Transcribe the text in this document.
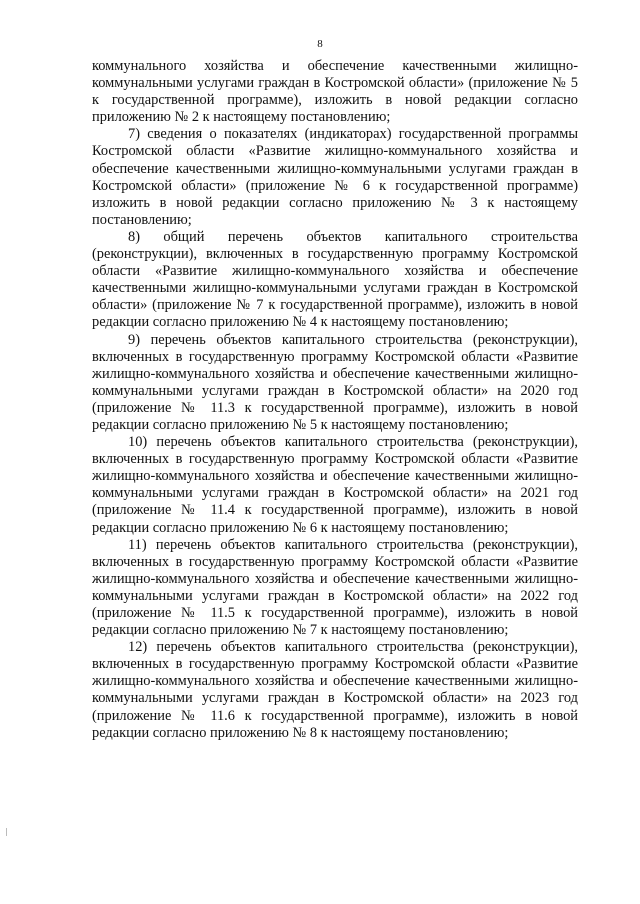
8

коммунального хозяйства и обеспечение качественными жилищно-коммунальными услугами граждан в Костромской области» (приложение № 5 к государственной программе), изложить в новой редакции согласно приложению № 2 к настоящему постановлению;

7) сведения о показателях (индикаторах) государственной программы Костромской области «Развитие жилищно-коммунального хозяйства и обеспечение качественными жилищно-коммунальными услугами граждан в Костромской области» (приложение № 6 к государственной программе) изложить в новой редакции согласно приложению № 3 к настоящему постановлению;

8) общий перечень объектов капитального строительства (реконструкции), включенных в государственную программу Костромской области «Развитие жилищно-коммунального хозяйства и обеспечение качественными жилищно-коммунальными услугами граждан в Костромской области» (приложение № 7 к государственной программе), изложить в новой редакции согласно приложению № 4 к настоящему постановлению;

9) перечень объектов капитального строительства (реконструкции), включенных в государственную программу Костромской области «Развитие жилищно-коммунального хозяйства и обеспечение качественными жилищно-коммунальными услугами граждан в Костромской области» на 2020 год (приложение № 11.3 к государственной программе), изложить в новой редакции согласно приложению № 5 к настоящему постановлению;

10) перечень объектов капитального строительства (реконструкции), включенных в государственную программу Костромской области «Развитие жилищно-коммунального хозяйства и обеспечение качественными жилищно-коммунальными услугами граждан в Костромской области» на 2021 год (приложение № 11.4 к государственной программе), изложить в новой редакции согласно приложению № 6 к настоящему постановлению;

11) перечень объектов капитального строительства (реконструкции), включенных в государственную программу Костромской области «Развитие жилищно-коммунального хозяйства и обеспечение качественными жилищно-коммунальными услугами граждан в Костромской области» на 2022 год (приложение № 11.5 к государственной программе), изложить в новой редакции согласно приложению № 7 к настоящему постановлению;

12) перечень объектов капитального строительства (реконструкции), включенных в государственную программу Костромской области «Развитие жилищно-коммунального хозяйства и обеспечение качественными жилищно-коммунальными услугами граждан в Костромской области» на 2023 год (приложение № 11.6 к государственной программе), изложить в новой редакции согласно приложению № 8 к настоящему постановлению;
